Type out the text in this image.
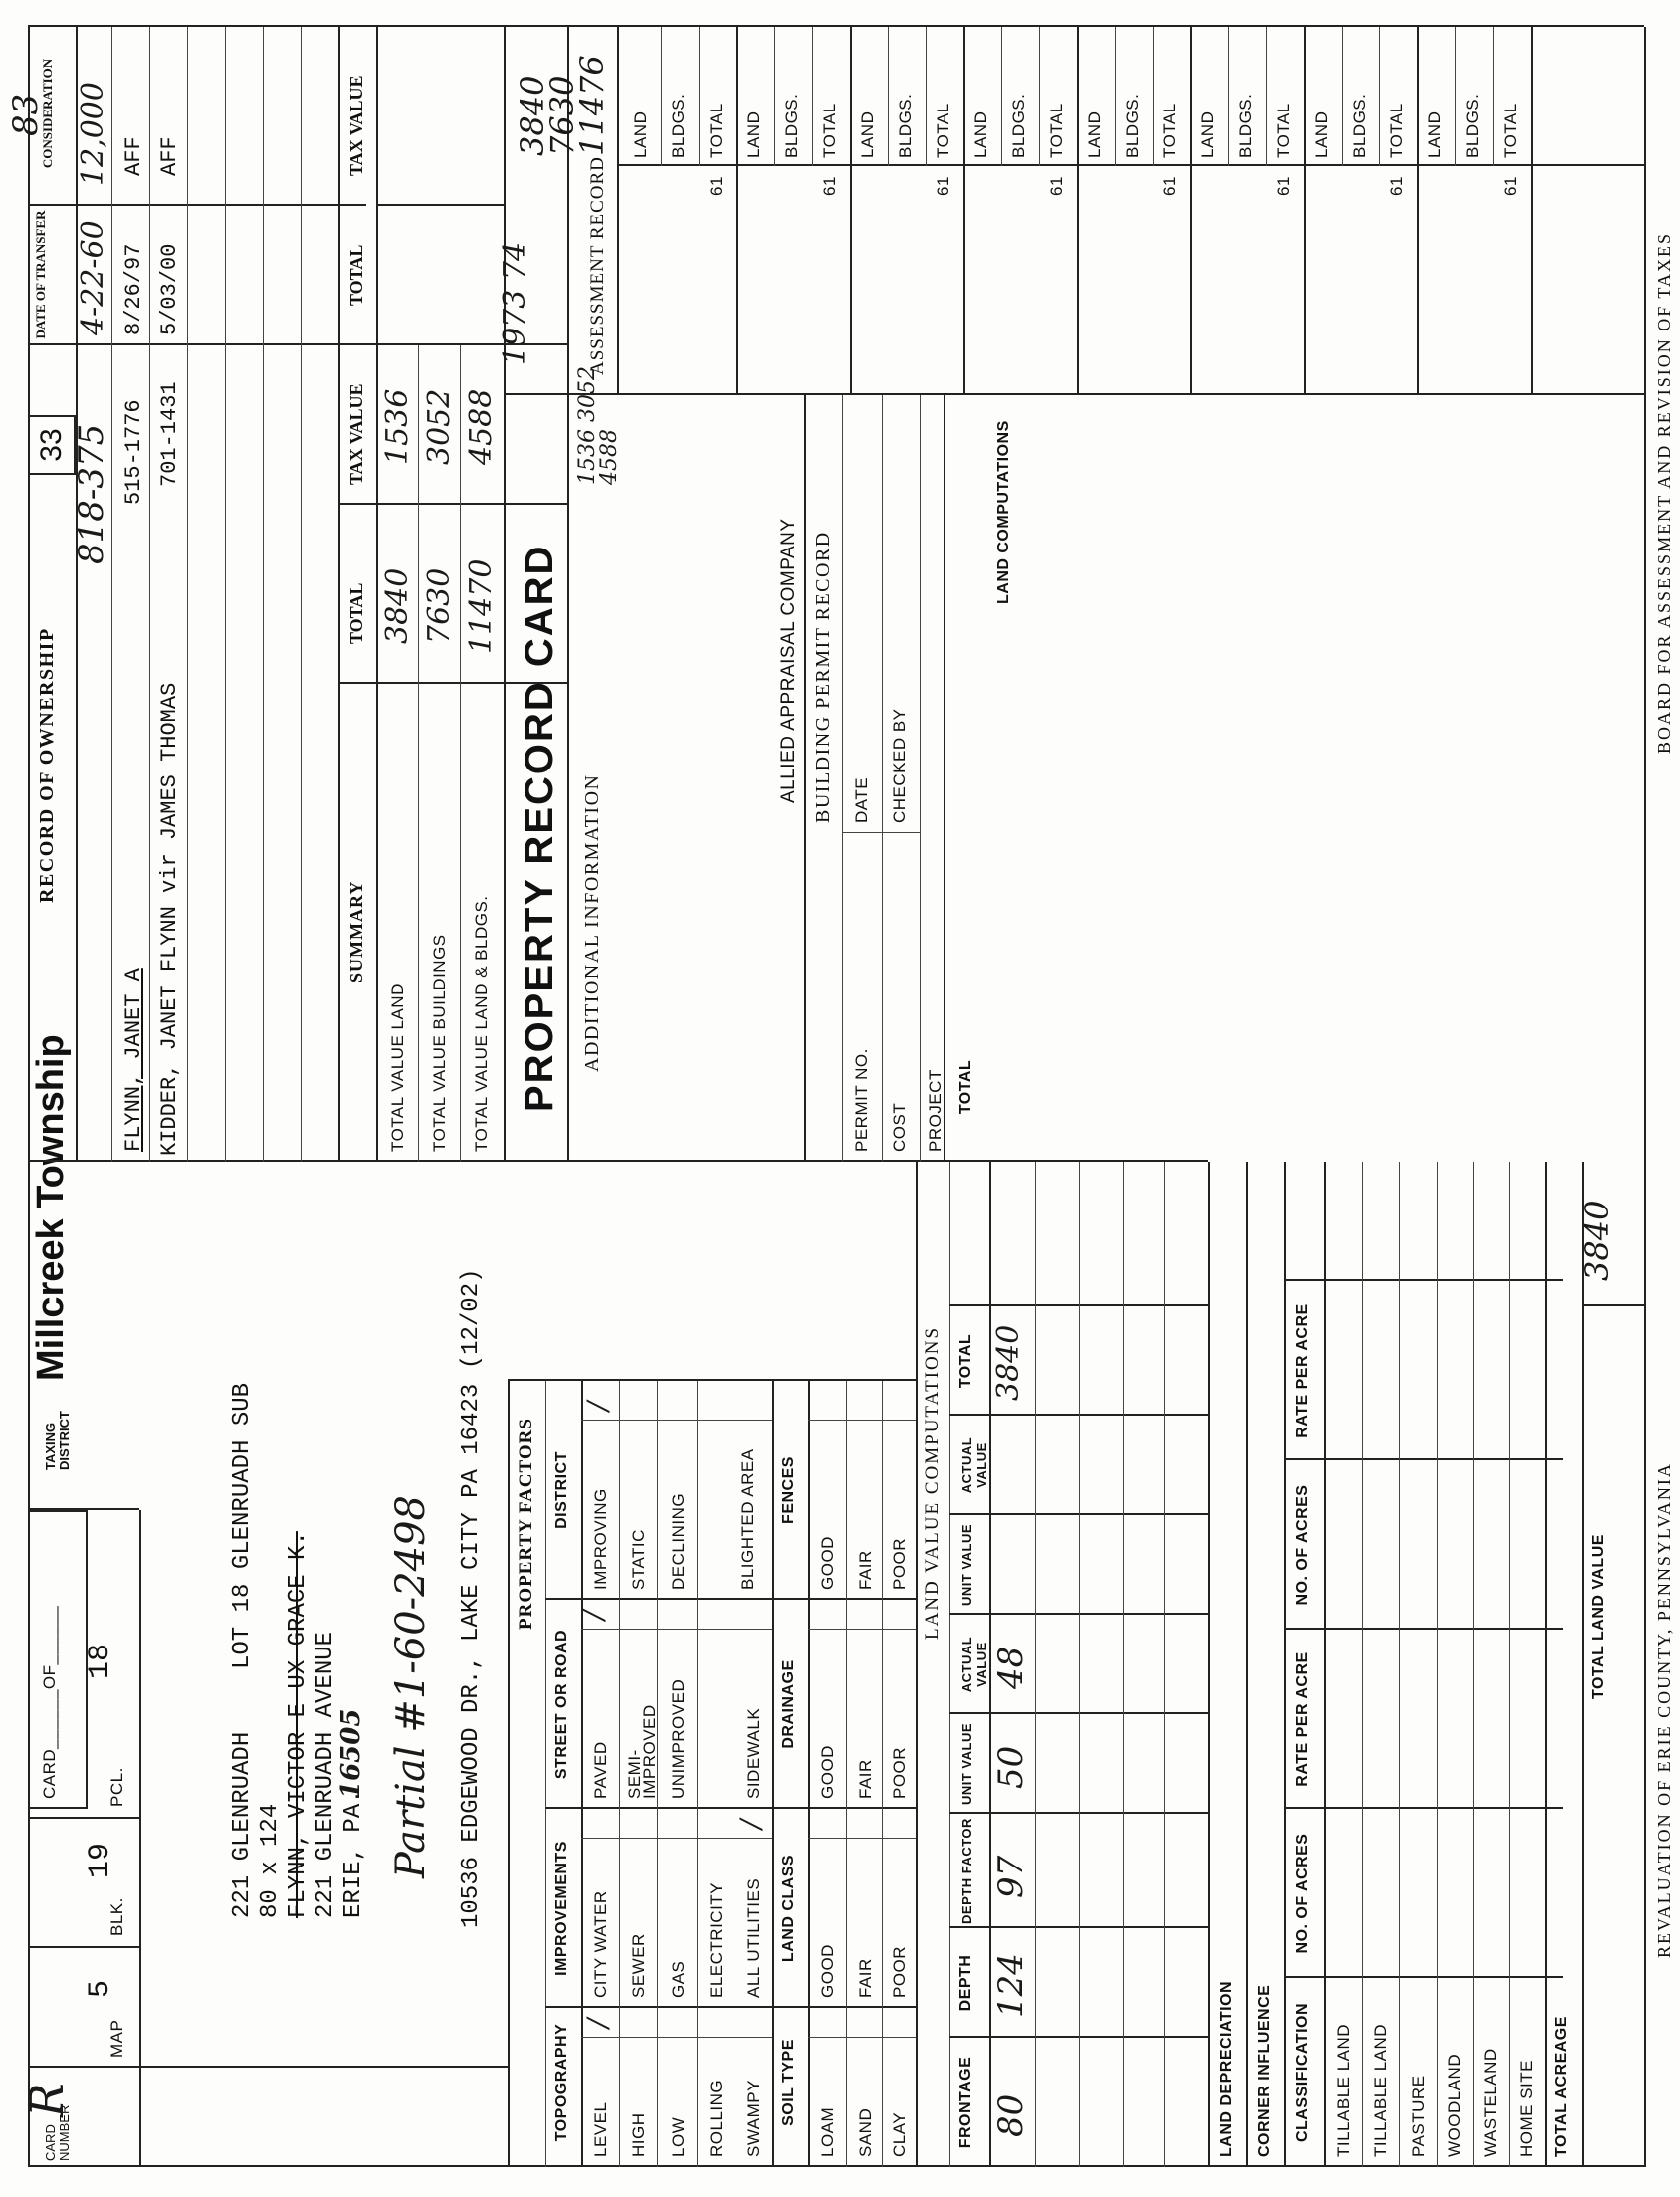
83
CARD NUMBER
R
MAP
5
BLK.
19
PCL.
18
CARD______OF______
TAXING DISTRICT
Millcreek Township
221 GLENRUADH
LOT 18 GLENRUADH SUB
80 x 124 FLYNN, VICTOR E UX GRACE K. 221 GLENRUADH AVENUE ERIE, PA.
16505 Partial #1-60-2498 10536 EDGEWOOD DR., LAKE CITY PA 16423 (12/02) PROPERTY FACTORS
TOPOGRAPHY
IMPROVEMENTS
STREET OR ROAD
DISTRICT
LEVEL HIGH LOW ROLLING SWAMPY
/
CITY WATER SEWER GAS ELECTRICITY ALL UTILITIES
/
PAVED SEMI-IMPROVED UNIMPROVED	SIDEWALK
/
IMPROVING STATIC DECLINING	BLIGHTED AREA
/
SOIL TYPE
LAND CLASS
DRAINAGE
FENCES
LOAM SAND CLAY
GOOD FAIR POOR
GOOD FAIR POOR
GOOD FAIR POOR LAND VALUE COMPUTATIONS
FRONTAGE
DEPTH
DEPTH FACTOR
UNIT VALUE
ACTUAL VALUE
UNIT VALUE
ACTUAL VALUE
TOTAL
TOTAL
80
124
97
50
48
3840
LAND DEPRECIATION CORNER INFLUENCE CLASSIFICATION
NO. OF ACRES
RATE PER ACRE
NO. OF ACRES
RATE PER ACRE
TILLABLE LAND TILLABLE LAND PASTURE WOODLAND WASTELAND HOME SITE TOTAL ACREAGE
TOTAL LAND VALUE
3840
RECORD OF OWNERSHIP
33
DATE OF TRANSFER
CONSIDERATION
818-375
4-22-60
12,000
FLYNN, JANET A
515-1776
8/26/97
AFF
KIDDER, JANET FLYNN vir JAMES THOMAS
701-1431
5/03/00
AFF
SUMMARY
TOTAL
TAX VALUE
TOTAL
TAX VALUE
TOTAL VALUE LAND
3840
1536
TOTAL VALUE BUILDINGS
7630
3052
TOTAL VALUE LAND & BLDGS.
11470
4588
PROPERTY RECORD CARD ADDITIONAL INFORMATION
1536 3052 4588
ALLIED APPRAISAL COMPANY BUILDING PERMIT RECORD
PERMIT NO. COST PROJECT
DATE CHECKED BY
LAND COMPUTATIONS
ASSESSMENT RECORD
1973 74
3840 7630 11476
REVALUATION OF ERIE COUNTY, PENNSYLVANIA
BOARD FOR ASSESSMENT AND REVISION OF TAXES
LAND BLDGS. TOTAL
61
LAND BLDGS. TOTAL
61
LAND BLDGS. TOTAL
61
LAND BLDGS. TOTAL
61
LAND BLDGS. TOTAL
61
LAND BLDGS. TOTAL
61
LAND BLDGS. TOTAL
61
LAND BLDGS. TOTAL
61
